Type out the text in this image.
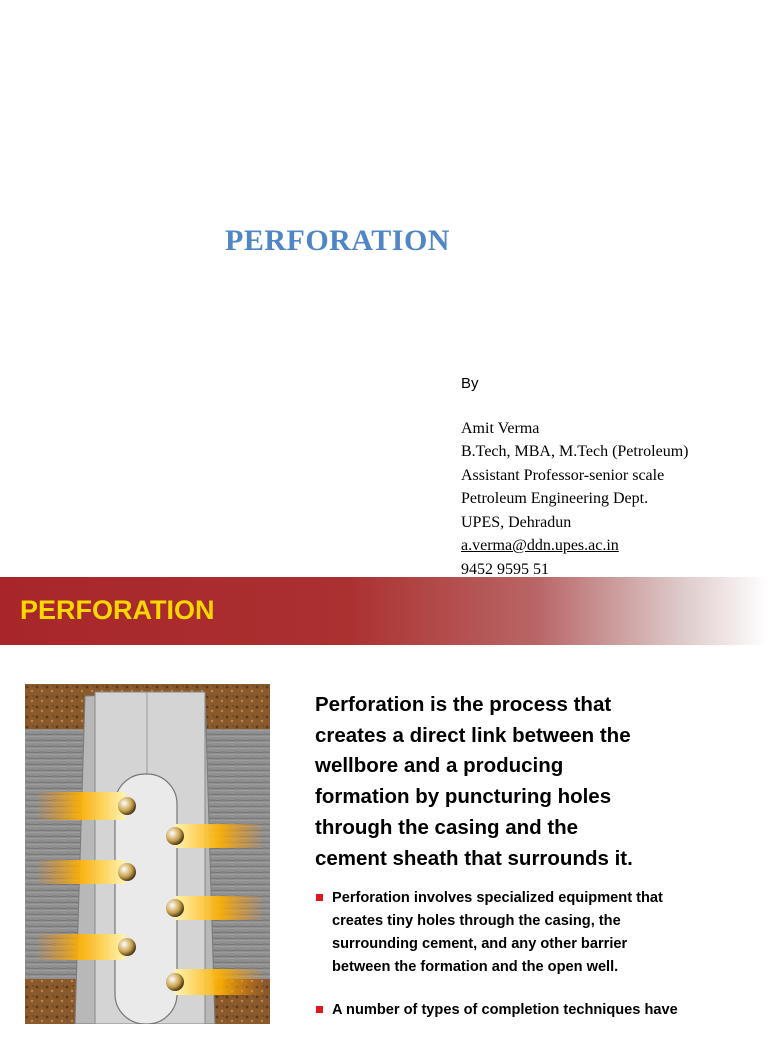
PERFORATION
By
Amit Verma
B.Tech, MBA, M.Tech (Petroleum)
Assistant Professor-senior scale
Petroleum Engineering Dept.
UPES, Dehradun
a.verma@ddn.upes.ac.in
9452 9595 51
PERFORATION
Perforation is the process that
creates a direct link between the
wellbore and a producing
formation by puncturing holes
through the casing and the
cement sheath that surrounds it.
Perforation involves specialized equipment that
creates tiny holes through the casing, the
surrounding cement, and any other barrier
between the formation and the open well.
A number of types of completion techniques have
